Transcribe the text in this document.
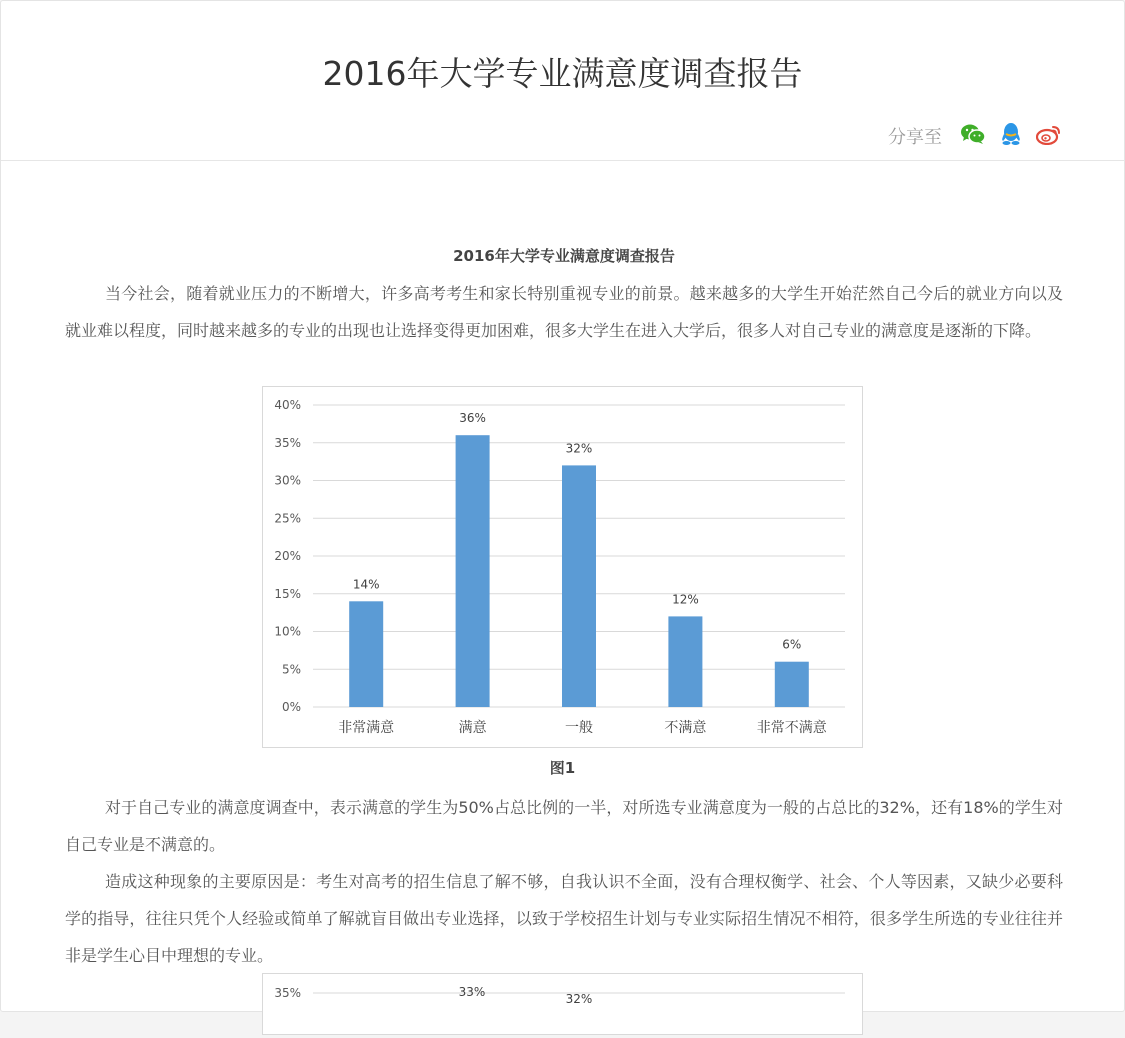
2016年大学专业满意度调查报告
分享至
2016年大学专业满意度调查报告

当今社会，随着就业压力的不断增大，许多高考考生和家长特别重视专业的前景。越来越多的大学生开始茫然自己今后的就业方向以及就业难以程度，同时越来越多的专业的出现也让选择变得更加困难，很多大学生在进入大学后，很多人对自己专业的满意度是逐渐的下降。

0%
5%
10%
15%
20%
25%
30%
35%
40%
14%
非常满意
36%
满意
32%
一般
12%
不满意
6%
非常不满意
图1

对于自己专业的满意度调查中，表示满意的学生为50%占总比例的一半，对所选专业满意度为一般的占总比的32%，还有18%的学生对自己专业是不满意的。

造成这种现象的主要原因是：考生对高考的招生信息了解不够，自我认识不全面，没有合理权衡学、社会、个人等因素，又缺少必要科学的指导，往往只凭个人经验或简单了解就盲目做出专业选择，以致于学校招生计划与专业实际招生情况不相符，很多学生所选的专业往往并非是学生心目中理想的专业。

35%	33%	32%
